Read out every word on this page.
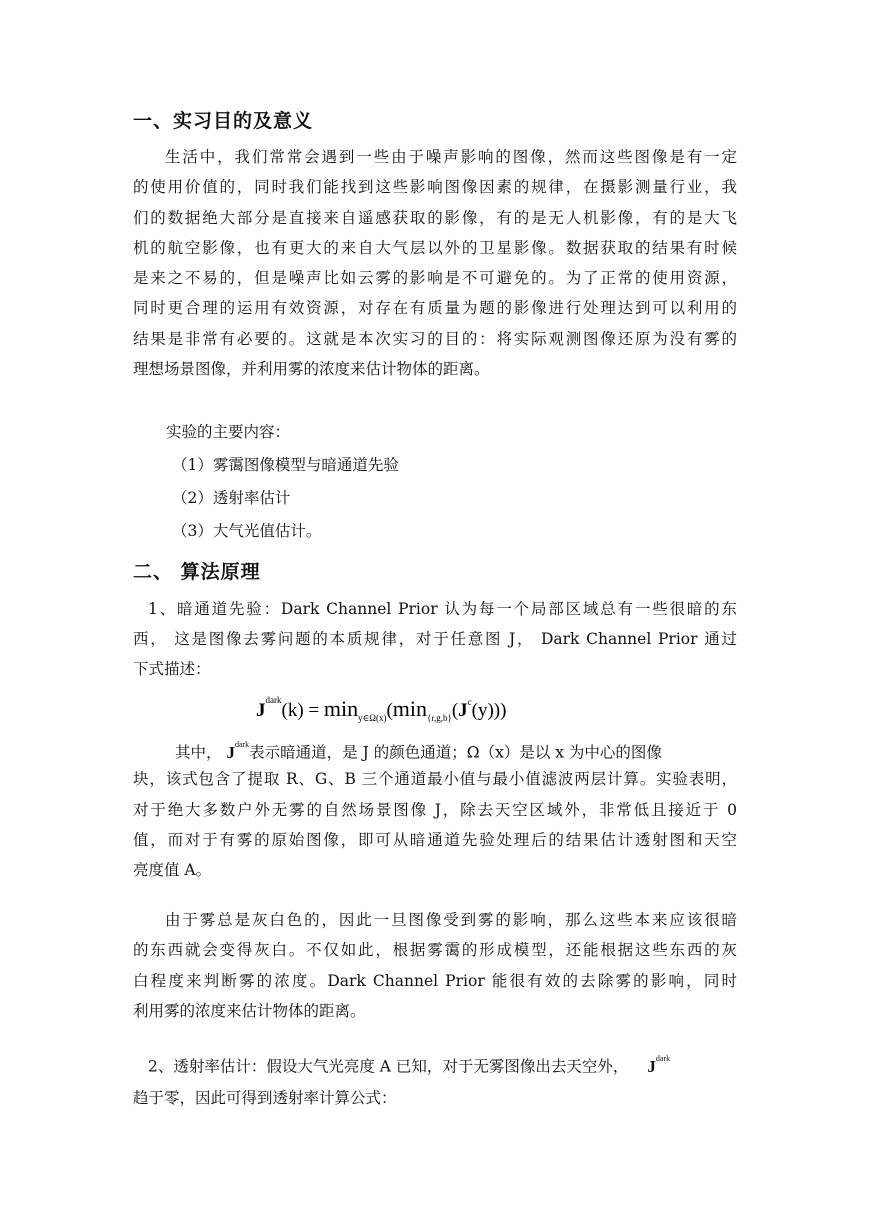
一、实习目的及意义
生活中，我们常常会遇到一些由于噪声影响的图像，然而这些图像是有一定
的使用价值的，同时我们能找到这些影响图像因素的规律，在摄影测量行业，我
们的数据绝大部分是直接来自遥感获取的影像，有的是无人机影像，有的是大飞
机的航空影像，也有更大的来自大气层以外的卫星影像。数据获取的结果有时候
是来之不易的，但是噪声比如云雾的影响是不可避免的。为了正常的使用资源，
同时更合理的运用有效资源，对存在有质量为题的影像进行处理达到可以利用的
结果是非常有必要的。这就是本次实习的目的：将实际观测图像还原为没有雾的
理想场景图像，并利用雾的浓度来估计物体的距离。
实验的主要内容：
（1）雾霭图像模型与暗通道先验
（2）透射率估计
（3）大气光值估计。
二、 算法原理
1、暗通道先验：Dark Channel Prior 认为每一个局部区域总有一些很暗的东
西， 这是图像去雾问题的本质规律，对于任意图 J， Dark Channel Prior 通过
下式描述：
$J^{dark}(k) = \min_{y\in\Omega(x)}(\min_{\{r,g,b\}}(J^c(y)))$
其中， $J^{dark}$表示暗通道，是 J 的颜色通道；Ω（x）是以 x 为中心的图像
块，该式包含了提取 R、G、B 三个通道最小值与最小值滤波两层计算。实验表明，
对于绝大多数户外无雾的自然场景图像 J，除去天空区域外，非常低且接近于 0
值，而对于有雾的原始图像，即可从暗通道先验处理后的结果估计透射图和天空
亮度值 A。
由于雾总是灰白色的，因此一旦图像受到雾的影响，那么这些本来应该很暗
的东西就会变得灰白。不仅如此，根据雾霭的形成模型，还能根据这些东西的灰
白程度来判断雾的浓度。Dark Channel Prior 能很有效的去除雾的影响，同时
利用雾的浓度来估计物体的距离。
2、透射率估计：假设大气光亮度 A 已知，对于无雾图像出去天空外， $J^{dark}$
趋于零，因此可得到透射率计算公式：
